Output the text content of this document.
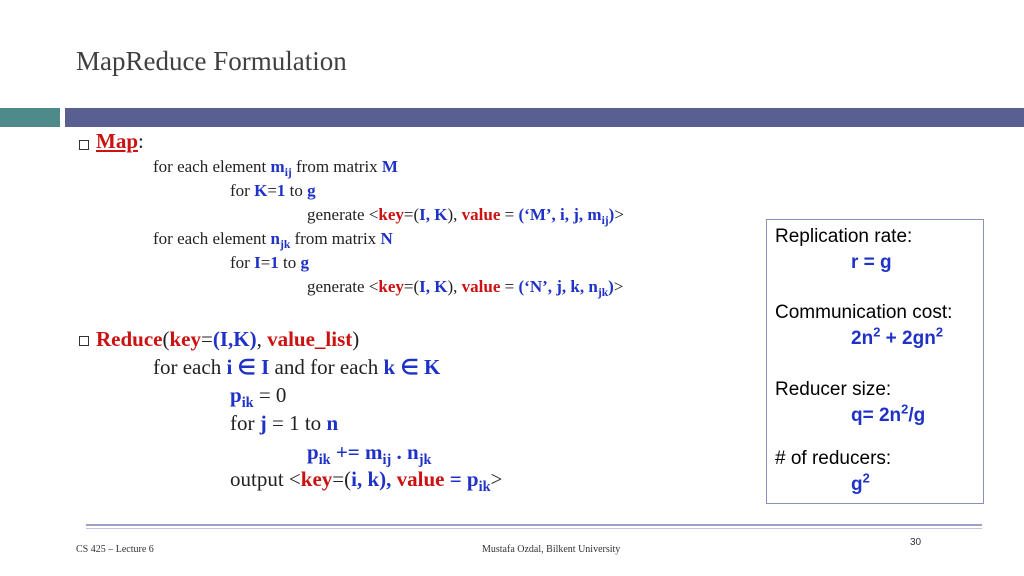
MapReduce Formulation
Map:
for each element $m_{ij}$ from matrix M
for K=1 to g
generate <key=(I, K), value = (‘M’, i, j, $m_{ij})>$
for each element $n_{jk}$ from matrix N
for I=1 to g
generate <key=(I, K), value = (‘N’, j, k, $n_{jk})>$
Reduce(key=(I,K), value_list)
for each i ∈ I and for each k ∈ K
$p_{ik} = 0$
for j = 1 to n
$p_{ik} += m_{ij}$ . $n_{jk}$
output <key=(i, k), value = $p_{ik}>$
Replication rate:
r = g
Communication cost:
$2n^2 + 2gn^2$
Reducer size:
$q= 2n^2/g$
# of reducers:
$g^2$
30
CS 425 – Lecture 6	Mustafa Ozdal, Bilkent University
